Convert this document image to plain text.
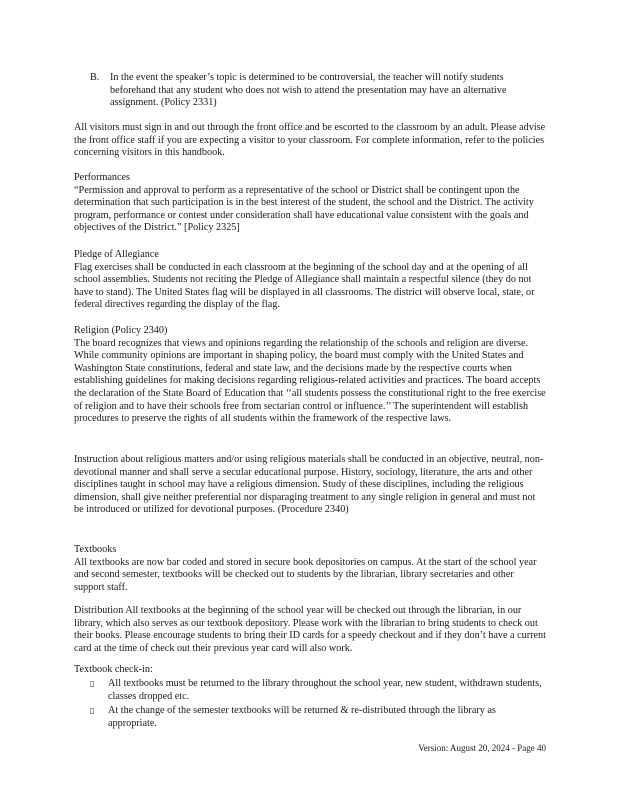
B. In the event the speaker’s topic is determined to be controversial, the teacher will notify students beforehand that any student who does not wish to attend the presentation may have an alternative assignment. (Policy 2331)

All visitors must sign in and out through the front office and be escorted to the classroom by an adult. Please advise the front office staff if you are expecting a visitor to your classroom. For complete information, refer to the policies concerning visitors in this handbook.

Performances

“Permission and approval to perform as a representative of the school or District shall be contingent upon the determination that such participation is in the best interest of the student, the school and the District. The activity program, performance or contest under consideration shall have educational value consistent with the goals and objectives of the District.” [Policy 2325]

Pledge of Allegiance

Flag exercises shall be conducted in each classroom at the beginning of the school day and at the opening of all school assemblies. Students not reciting the Pledge of Allegiance shall maintain a respectful silence (they do not have to stand). The United States flag will be displayed in all classrooms. The district will observe local, state, or federal directives regarding the display of the flag.

Religion (Policy 2340)

The board recognizes that views and opinions regarding the relationship of the schools and religion are diverse. While community opinions are important in shaping policy, the board must comply with the United States and Washington State constitutions, federal and state law, and the decisions made by the respective courts when establishing guidelines for making decisions regarding religious-related activities and practices. The board accepts the declaration of the State Board of Education that ‘‘all students possess the constitutional right to the free exercise of religion and to have their schools free from sectarian control or influence.’’ The superintendent will establish procedures to preserve the rights of all students within the framework of the respective laws.

Instruction about religious matters and/or using religious materials shall be conducted in an objective, neutral, non-devotional manner and shall serve a secular educational purpose. History, sociology, literature, the arts and other disciplines taught in school may have a religious dimension. Study of these disciplines, including the religious dimension, shall give neither preferential nor disparaging treatment to any single religion in general and must not be introduced or utilized for devotional purposes. (Procedure 2340)

Textbooks

All textbooks are now bar coded and stored in secure book depositories on campus. At the start of the school year and second semester, textbooks will be checked out to students by the librarian, library secretaries and other support staff.

Distribution All textbooks at the beginning of the school year will be checked out through the librarian, in our library, which also serves as our textbook depository. Please work with the librarian to bring students to check out their books. Please encourage students to bring their ID cards for a speedy checkout and if they don’t have a current card at the time of check out their previous year card will also work.

Textbook check-in:

▯ All textbooks must be returned to the library throughout the school year, new student, withdrawn students, classes dropped etc.

▯ At the change of the semester textbooks will be returned & re-distributed through the library as appropriate.

Version: August 20, 2024 - Page 40
